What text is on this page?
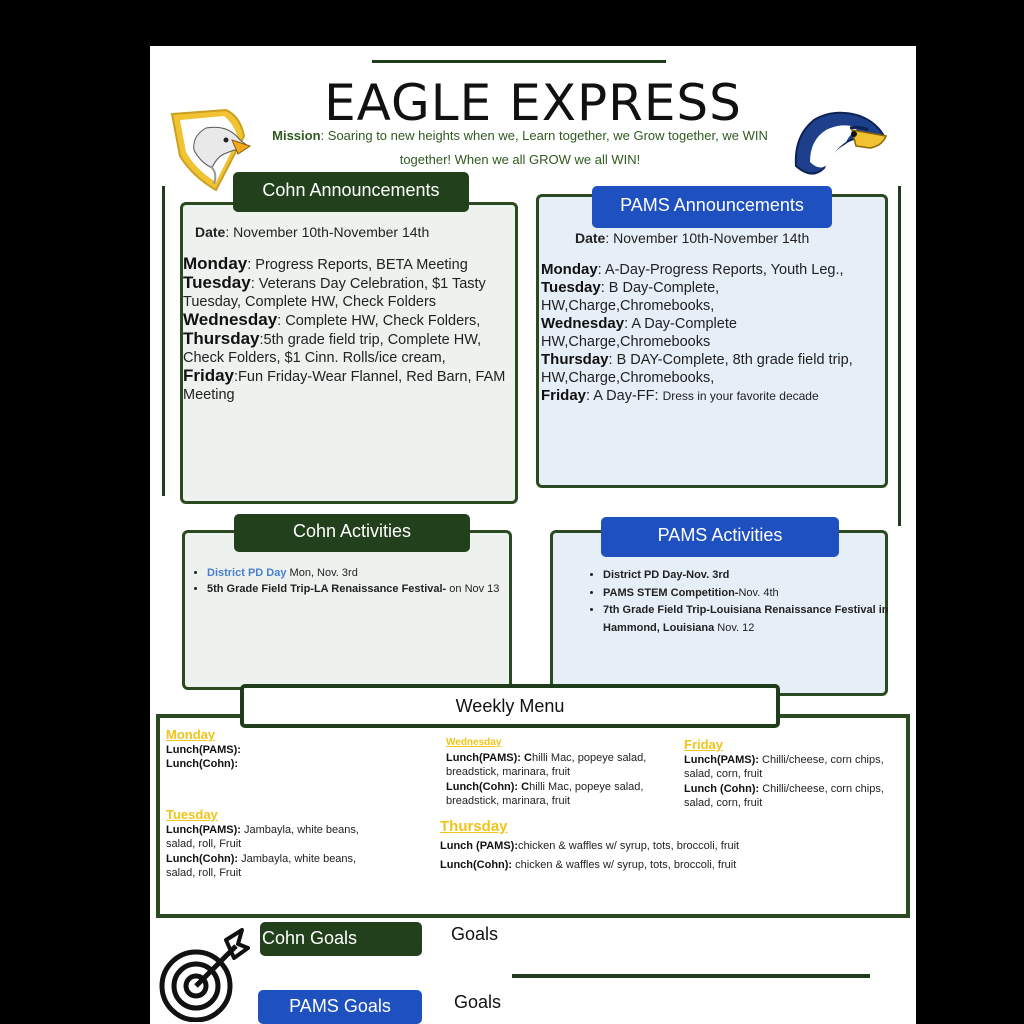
EAGLE EXPRESS
Mission: Soaring to new heights when we, Learn together, we Grow together, we WIN together! When we all GROW we all WIN!
Date: November 10th-November 14th
Monday: Progress Reports, BETA Meeting
Tuesday: Veterans Day Celebration, $1 Tasty Tuesday, Complete HW, Check Folders
Wednesday: Complete HW, Check Folders,
Thursday:5th grade field trip, Complete HW, Check Folders, $1 Cinn. Rolls/ice cream,
Friday:Fun Friday-Wear Flannel, Red Barn, FAM Meeting
Cohn Announcements
Date: November 10th-November 14th
Monday: A-Day-Progress Reports, Youth Leg.,
Tuesday: B Day-Complete, HW,Charge,Chromebooks,
Wednesday: A Day-Complete HW,Charge,Chromebooks
Thursday: B DAY-Complete, 8th grade field trip, HW,Charge,Chromebooks,
Friday: A Day-FF: Dress in your favorite decade
PAMS Announcements
• District PD Day Mon, Nov. 3rd
• 5th Grade Field Trip-LA Renaissance Festival- on Nov 13
Cohn Activities
• District PD Day-Nov. 3rd
• PAMS STEM Competition-Nov. 4th
• 7th Grade Field Trip-Louisiana Renaissance Festival in Hammond, Louisiana Nov. 12
PAMS Activities
Monday
Lunch(PAMS):
Lunch(Cohn):
Tuesday
Lunch(PAMS): Jambayla, white beans, salad, roll, Fruit
Lunch(Cohn): Jambayla, white beans, salad, roll, Fruit
Wednesday
Lunch(PAMS): Chilli Mac, popeye salad, breadstick, marinara, fruit
Lunch(Cohn): Chilli Mac, popeye salad, breadstick, marinara, fruit
Thursday
Lunch (PAMS):chicken & waffles w/ syrup, tots, broccoli, fruit
Lunch(Cohn): chicken & waffles w/ syrup, tots, broccoli, fruit
Friday
Lunch(PAMS): Chilli/cheese, corn chips, salad, corn, fruit
Lunch (Cohn): Chilli/cheese, corn chips, salad, corn, fruit
Weekly Menu
Cohn Goals	Goals
PAMS Goals	Goals
